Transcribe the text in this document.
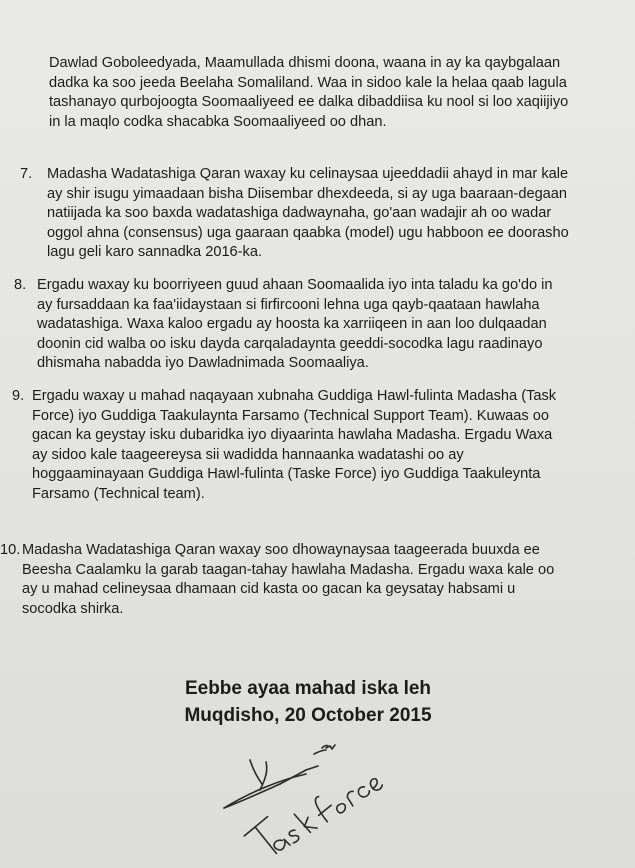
Dawlad Goboleedyada, Maamullada dhismi doona, waana in ay ka qaybgalaan
dadka ka soo jeeda Beelaha Somaliland. Waa in sidoo kale la helaa qaab lagula
tashanayo qurbojoogta Soomaaliyeed ee dalka dibaddiisa ku nool si loo xaqiijiyo
in la maqlo codka shacabka Soomaaliyeed oo dhan.
7. Madasha Wadatashiga Qaran waxay ku celinaysaa ujeeddadii ahayd in mar kale
ay shir isugu yimaadaan bisha Diisembar dhexdeeda, si ay uga baaraan-degaan
natiijada ka soo baxda wadatashiga dadwaynaha, go'aan wadajir ah oo wadar
oggol ahna (consensus) uga gaaraan qaabka (model) ugu habboon ee doorasho
lagu geli karo sannadka 2016-ka.
8. Ergadu waxay ku boorriyeen guud ahaan Soomaalida iyo inta taladu ka go'do in
ay fursaddaan ka faa'iidaystaan si firfircooni lehna uga qayb-qaataan hawlaha
wadatashiga. Waxa kaloo ergadu ay hoosta ka xarriiqeen in aan loo dulqaadan
doonin cid walba oo isku dayda carqaladaynta geeddi-socodka lagu raadinayo
dhismaha nabadda iyo Dawladnimada Soomaaliya.
9. Ergadu waxay u mahad naqayaan xubnaha Guddiga Hawl-fulinta Madasha (Task
Force) iyo Guddiga Taakulaynta Farsamo (Technical Support Team). Kuwaas oo
gacan ka geystay isku dubaridka iyo diyaarinta hawlaha Madasha. Ergadu Waxa
ay sidoo kale taageereysa sii wadidda hannaanka wadatashi oo ay
hoggaaminayaan Guddiga Hawl-fulinta (Taske Force) iyo Guddiga Taakuleynta
Farsamo (Technical team).
10. Madasha Wadatashiga Qaran waxay soo dhowaynaysaa taageerada buuxda ee
Beesha Caalamku la garab taagan-tahay hawlaha Madasha. Ergadu waxa kale oo
ay u mahad celineysaa dhamaan cid kasta oo gacan ka geysatay habsami u
socodka shirka.
Eebbe ayaa mahad iska leh
Muqdisho, 20 October 2015
